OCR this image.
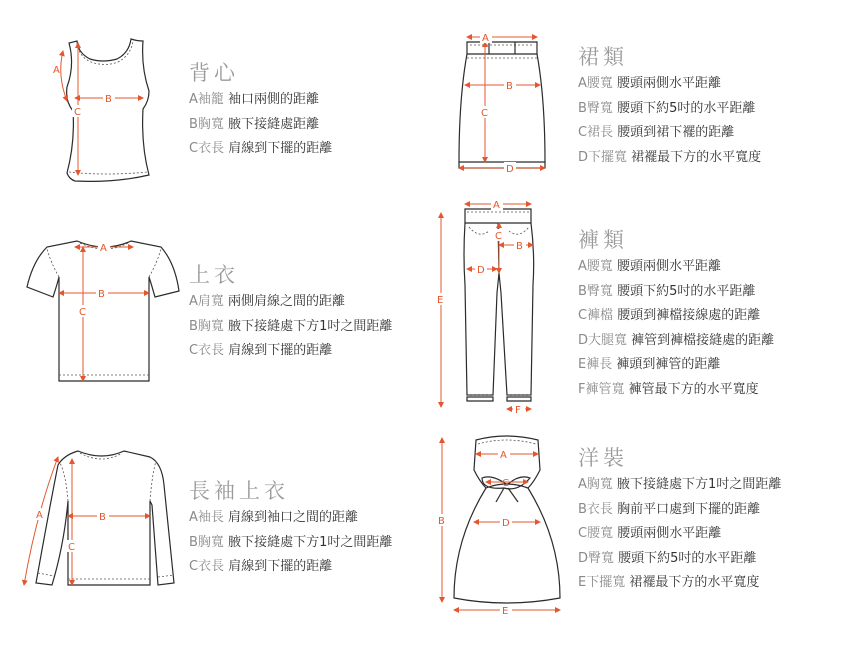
A
B
C
背心
A袖籠 袖口兩側的距離
B胸寬 腋下接縫處距離
C衣長 肩線到下擺的距離
A
B
C
上衣
A肩寬 兩側肩線之間的距離
B胸寬 腋下接縫處下方1吋之間距離
C衣長 肩線到下擺的距離
B
C
A
長袖上衣
A袖長 肩線到袖口之間的距離
B胸寬 腋下接縫處下方1吋之間距離
C衣長 肩線到下擺的距離
A
B
C
D
裙類
A腰寬 腰頭兩側水平距離
B臀寬 腰頭下約5吋的水平距離
C裙長 腰頭到裙下襬的距離
D下擺寬 裙襬最下方的水平寬度
A
B
C
D
E
F
褲類
A腰寬 腰頭兩側水平距離
B臀寬 腰頭下約5吋的水平距離
C褲檔 腰頭到褲檔接線處的距離
D大腿寬 褲管到褲檔接縫處的距離
E褲長 褲頭到褲管的距離
F褲管寬 褲管最下方的水平寬度
A
C
D
B
E
洋裝
A胸寬 腋下接縫處下方1吋之間距離
B衣長 胸前平口處到下擺的距離
C腰寬 腰頭兩側水平距離
D臀寬 腰頭下約5吋的水平距離
E下擺寬 裙襬最下方的水平寬度
